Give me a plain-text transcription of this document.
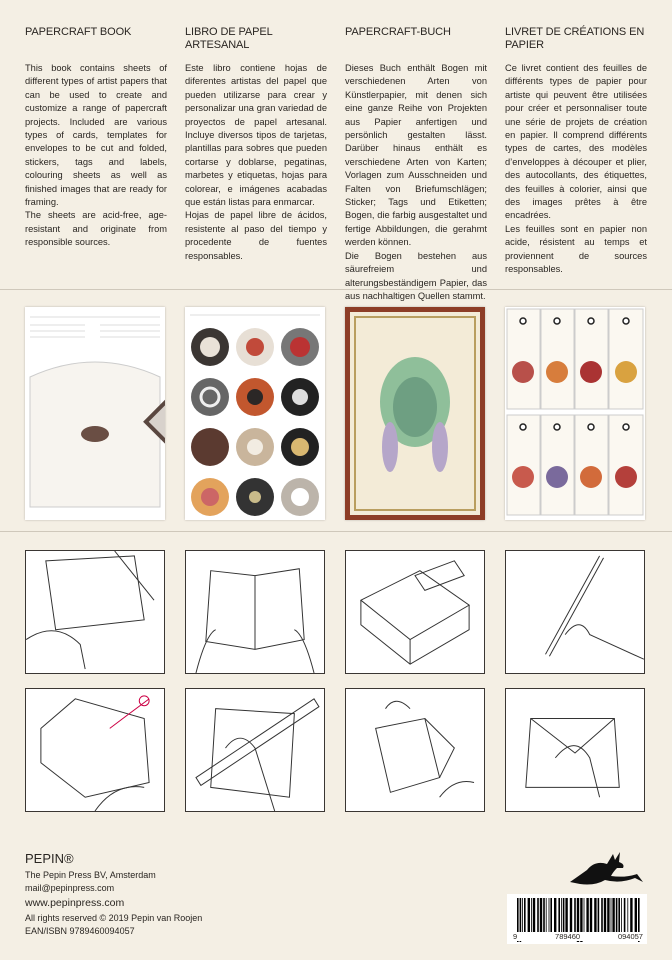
PAPERCRAFT BOOK

This book contains sheets of different types of artist papers that can be used to create and customize a range of papercraft projects. Included are various types of cards, templates for envelopes to be cut and folded, stickers, tags and labels, colouring sheets as well as finished images that are ready for framing.

The sheets are acid-free, age-resistant and originate from responsible sources.

LIBRO DE PAPEL ARTESANAL

Este libro contiene hojas de diferentes artistas del papel que pueden utilizarse para crear y personalizar una gran variedad de proyectos de papel artesanal. Incluye diversos tipos de tarjetas, plantillas para sobres que pueden cortarse y doblarse, pegatinas, marbetes y etiquetas, hojas para colorear, e imágenes acabadas que están listas para enmarcar.

Hojas de papel libre de ácidos, resistente al paso del tiempo y procedente de fuentes responsables.

PAPERCRAFT-BUCH

Dieses Buch enthält Bogen mit verschiedenen Arten von Künstlerpapier, mit denen sich eine ganze Reihe von Projekten aus Papier anfertigen und persönlich gestalten lässt. Darüber hinaus enthält es verschiedene Arten von Karten; Vorlagen zum Ausschneiden und Falten von Briefumschlägen; Sticker; Tags und Etiketten; Bogen, die farbig ausgestaltet und fertige Abbildungen, die gerahmt werden können.

Die Bogen bestehen aus säurefreiem und alterungsbeständigem Papier, das aus nachhaltigen Quellen stammt.

LIVRET DE CRÉATIONS EN PAPIER

Ce livret contient des feuilles de différents types de papier pour artiste qui peuvent être utilisées pour créer et personnaliser toute une série de projets de création en papier. Il comprend différents types de cartes, des modèles d’enveloppes à découper et plier, des autocollants, des étiquettes, des feuilles à colorier, ainsi que des images prêtes à être encadrées.

Les feuilles sont en papier non acide, résistent au temps et proviennent de sources responsables.

PEPIN®
The Pepin Press BV, Amsterdam
mail@pepinpress.com
www.pepinpress.com
All rights reserved © 2019 Pepin van Roojen
EAN/ISBN 9789460094057
9	789460	094057
